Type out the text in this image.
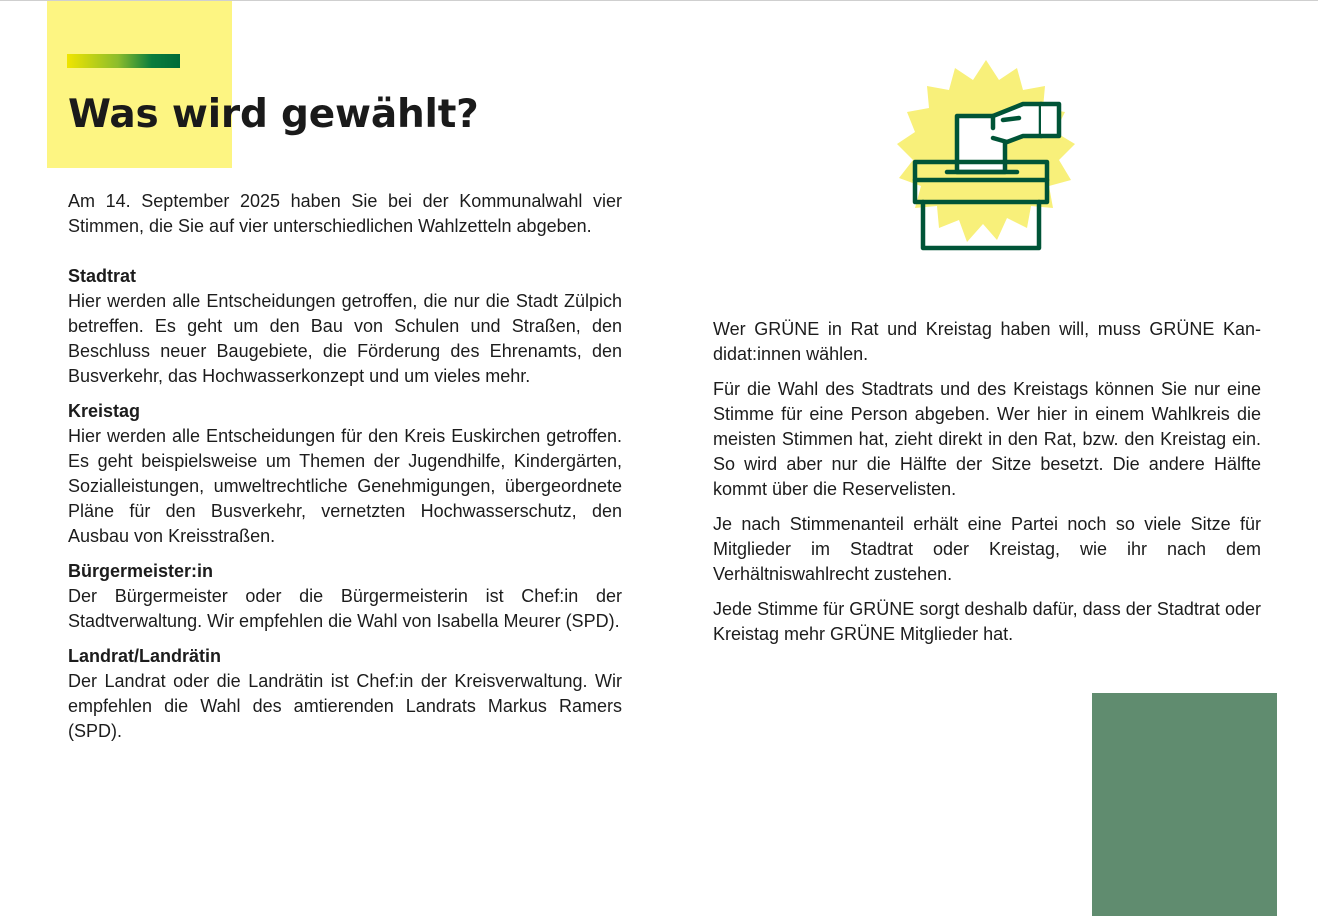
Was wird gewählt?

Am 14. September 2025 haben Sie bei der Kommunalwahl vier Stimmen, die Sie auf vier unterschiedlichen Wahlzetteln abgeben.

Stadtrat

Hier werden alle Entscheidungen getroffen, die nur die Stadt Zülpich betreffen. Es geht um den Bau von Schulen und Straßen, den Beschluss neuer Baugebiete, die Förderung des Ehrenamts, den Busverkehr, das Hochwasserkonzept und um vieles mehr.

Kreistag

Hier werden alle Entscheidungen für den Kreis Euskirchen getroffen. Es geht beispielsweise um Themen der Jugendhilfe, Kindergärten, Sozialleistungen, umweltrechtliche Genehmigungen, übergeordnete Pläne für den Busverkehr, vernetzten Hochwasserschutz, den Ausbau von Kreisstraßen.

Bürgermeister:in

Der Bürgermeister oder die Bürgermeisterin ist Chef:in der Stadtverwaltung. Wir empfehlen die Wahl von Isabella Meurer (SPD).

Landrat/Landrätin

Der Landrat oder die Landrätin ist Chef:in der Kreisverwaltung. Wir empfehlen die Wahl des amtierenden Landrats Markus Ramers (SPD).

Wer GRÜNE in Rat und Kreistag haben will, muss GRÜNE Kandidat:innen wählen.

Für die Wahl des Stadtrats und des Kreistags können Sie nur eine Stimme für eine Person abgeben. Wer hier in einem Wahlkreis die meisten Stimmen hat, zieht direkt in den Rat, bzw. den Kreistag ein. So wird aber nur die Hälfte der Sitze besetzt. Die andere Hälfte kommt über die Reservelisten.

Je nach Stimmenanteil erhält eine Partei noch so viele Sitze für Mitglieder im Stadtrat oder Kreistag, wie ihr nach dem Verhältniswahlrecht zustehen.

Jede Stimme für GRÜNE sorgt deshalb dafür, dass der Stadtrat oder Kreistag mehr GRÜNE Mitglieder hat.
